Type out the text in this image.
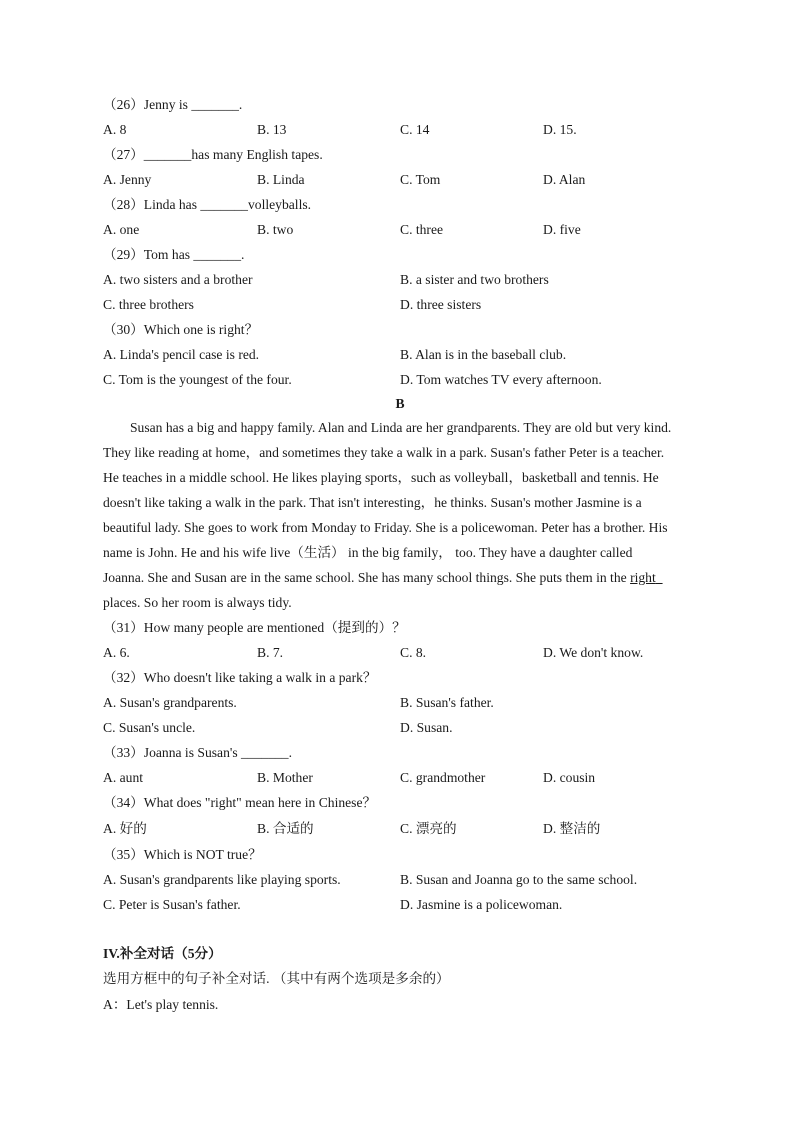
（26）Jenny is _______.
A. 8	B. 13	C. 14	D. 15.
（27）_______has many English tapes.
A. Jenny	B. Linda	C. Tom	D. Alan
（28）Linda has _______volleyballs.
A. one	B. two	C. three	D. five
（29）Tom has _______.
A. two sisters and a brother	B. a sister and two brothers
C. three brothers	D. three sisters
（30）Which one is right？
A. Linda's pencil case is red.	B. Alan is in the baseball club.
C. Tom is the youngest of the four.	D. Tom watches TV every afternoon.
B
Susan has a big and happy family. Alan and Linda are her grandparents. They are old but very kind.
They like reading at home，and sometimes they take a walk in a park. Susan's father Peter is a teacher.
He teaches in a middle school. He likes playing sports，such as volleyball，basketball and tennis. He
doesn't like taking a walk in the park. That isn't interesting，he thinks. Susan's mother Jasmine is a
beautiful lady. She goes to work from Monday to Friday. She is a policewoman. Peter has a brother. His
name is John. He and his wife live（生活） in the big family， too. They have a daughter called
Joanna. She and Susan are in the same school. She has many school things. She puts them in the right
places. So her room is always tidy.
（31）How many people are mentioned（提到的）？
A. 6.	B. 7.	C. 8.	D. We don't know.
（32）Who doesn't like taking a walk in a park？
A. Susan's grandparents.	B. Susan's father.
C. Susan's uncle.	D. Susan.
（33）Joanna is Susan's _______.
A. aunt	B. Mother	C. grandmother	D. cousin
（34）What does "right" mean here in Chinese？
A. 好的	B. 合适的	C. 漂亮的	D. 整洁的
（35）Which is NOT true？
A. Susan's grandparents like playing sports.	B. Susan and Joanna go to the same school.
C. Peter is Susan's father.	D. Jasmine is a policewoman.
IV.补全对话（5分）
选用方框中的句子补全对话. （其中有两个选项是多余的）
A：Let's play tennis.
